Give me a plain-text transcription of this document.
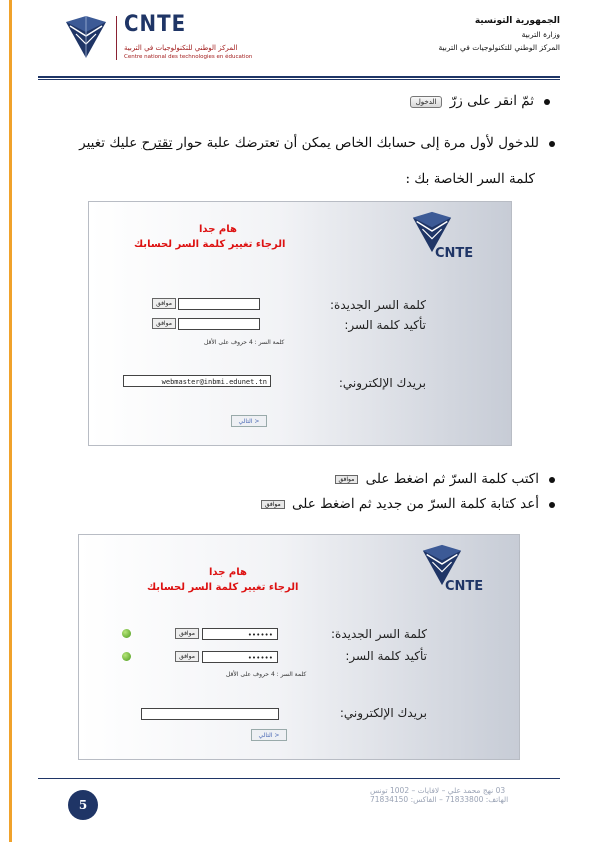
CNTE
المركز الوطني للتكنولوجيات في التربية
Centre national des technologies en éducation
الجمهورية التونسية
وزارة التربية
المركز الوطني للتكنولوجيات في التربية
ثمّ انقر على زرّ الدخول
للدخول لأول مرة إلى حسابك الخاص يمكن أن تعترضك علبة حوار تقترح عليك تغيير
كلمة السر الخاصة بك :
CNTE
هام جدا
الرجاء تغيير كلمة السر لحسابك
كلمة السر الجديدة:
موافق
تأكيد كلمة السر:
موافق
كلمة السر : 4 حروف على الأقل
بريدك الإلكتروني:
webmaster@inbmi.edunet.tn
التالي >
اكتب كلمة السرّ ثم اضغط على موافق
أعد كتابة كلمة السرّ من جديد ثم اضغط على موافق
CNTE
هام جدا
الرجاء تغيير كلمة السر لحسابك
موافق	••••••	كلمة السر الجديدة:
موافق	••••••	تأكيد كلمة السر:
كلمة السر : 4 حروف على الأقل
بريدك الإلكتروني:
التالي >
5
03 نهج محمد علي – لافايات – 1002 تونس
الهاتف: 71833800 – الفاكس: 71834150
